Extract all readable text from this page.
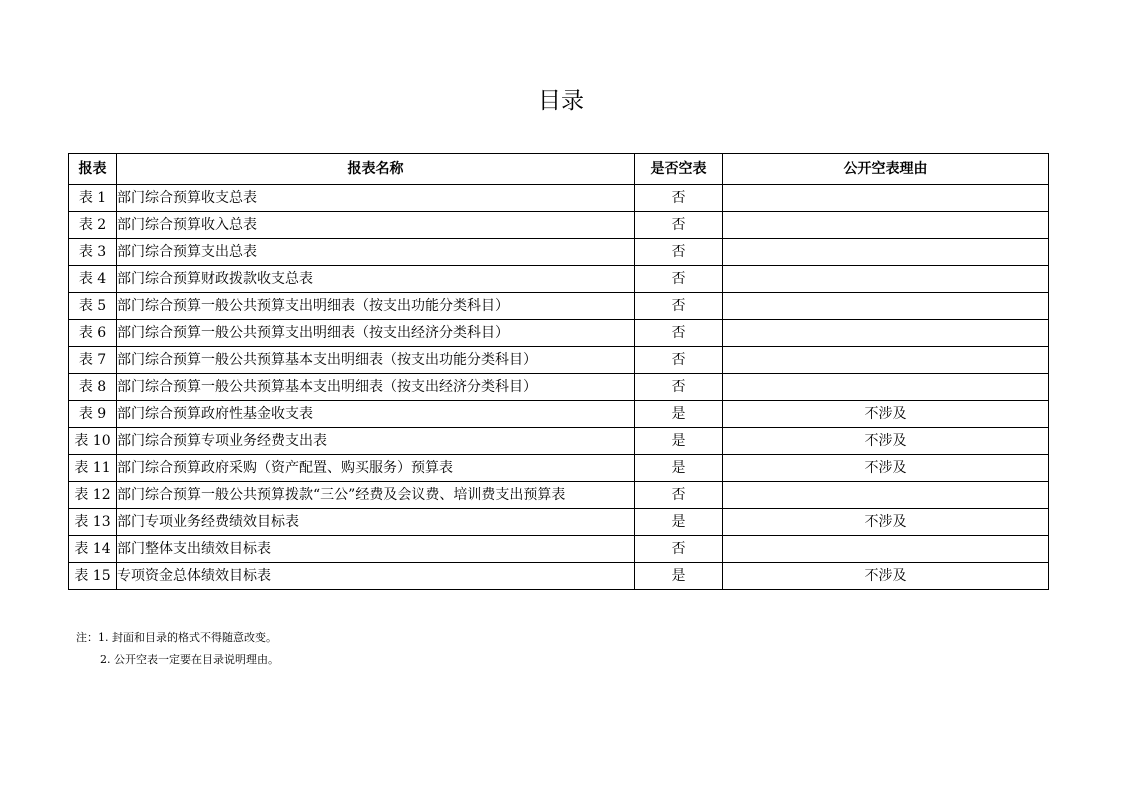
目录
报表	报表名称	是否空表	公开空表理由
表 1	部门综合预算收支总表	否	
表 2	部门综合预算收入总表	否	
表 3	部门综合预算支出总表	否	
表 4	部门综合预算财政拨款收支总表	否	
表 5	部门综合预算一般公共预算支出明细表（按支出功能分类科目）	否	
表 6	部门综合预算一般公共预算支出明细表（按支出经济分类科目）	否	
表 7	部门综合预算一般公共预算基本支出明细表（按支出功能分类科目）	否	
表 8	部门综合预算一般公共预算基本支出明细表（按支出经济分类科目）	否	
表 9	部门综合预算政府性基金收支表	是	不涉及
表 10	部门综合预算专项业务经费支出表	是	不涉及
表 11	部门综合预算政府采购（资产配置、购买服务）预算表	是	不涉及
表 12	部门综合预算一般公共预算拨款“三公”经费及会议费、培训费支出预算表	否	
表 13	部门专项业务经费绩效目标表	是	不涉及
表 14	部门整体支出绩效目标表	否	
表 15	专项资金总体绩效目标表	是	不涉及
注：1. 封面和目录的格式不得随意改变。
2. 公开空表一定要在目录说明理由。
